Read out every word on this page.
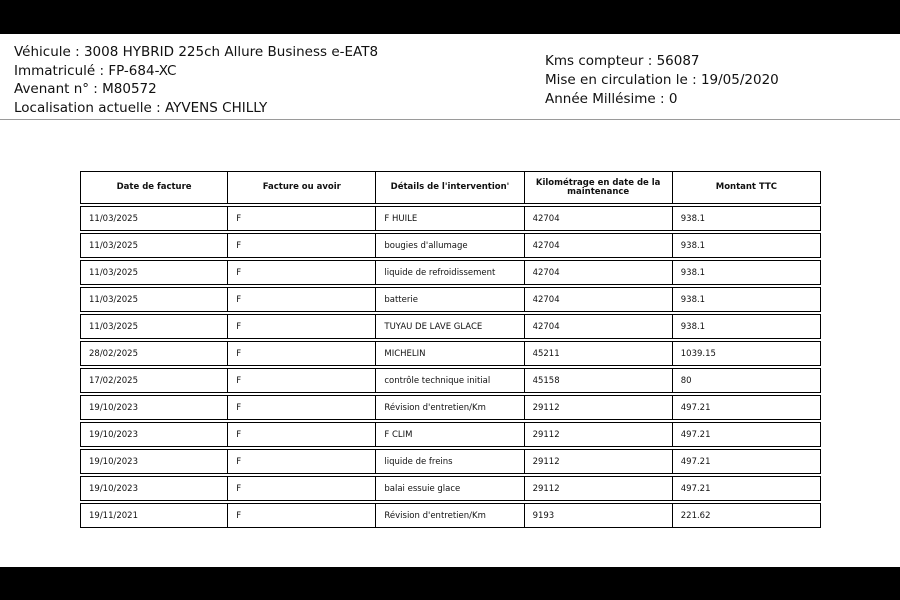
Véhicule : 3008 HYBRID 225ch Allure Business e-EAT8
Immatriculé : FP-684-XC
Avenant n° : M80572
Localisation actuelle : AYVENS CHILLY
Kms compteur : 56087
Mise en circulation le : 19/05/2020
Année Millésime : 0
Date de facture	Facture ou avoir	Détails de l'intervention'	Kilométrage en date de la maintenance	Montant TTC
11/03/2025	F	F HUILE	42704	938.1
11/03/2025	F	bougies d'allumage	42704	938.1
11/03/2025	F	liquide de refroidissement	42704	938.1
11/03/2025	F	batterie	42704	938.1
11/03/2025	F	TUYAU DE LAVE GLACE	42704	938.1
28/02/2025	F	MICHELIN	45211	1039.15
17/02/2025	F	contrôle technique initial	45158	80
19/10/2023	F	Révision d'entretien/Km	29112	497.21
19/10/2023	F	F CLIM	29112	497.21
19/10/2023	F	liquide de freins	29112	497.21
19/10/2023	F	balai essuie glace	29112	497.21
19/11/2021	F	Révision d'entretien/Km	9193	221.62
